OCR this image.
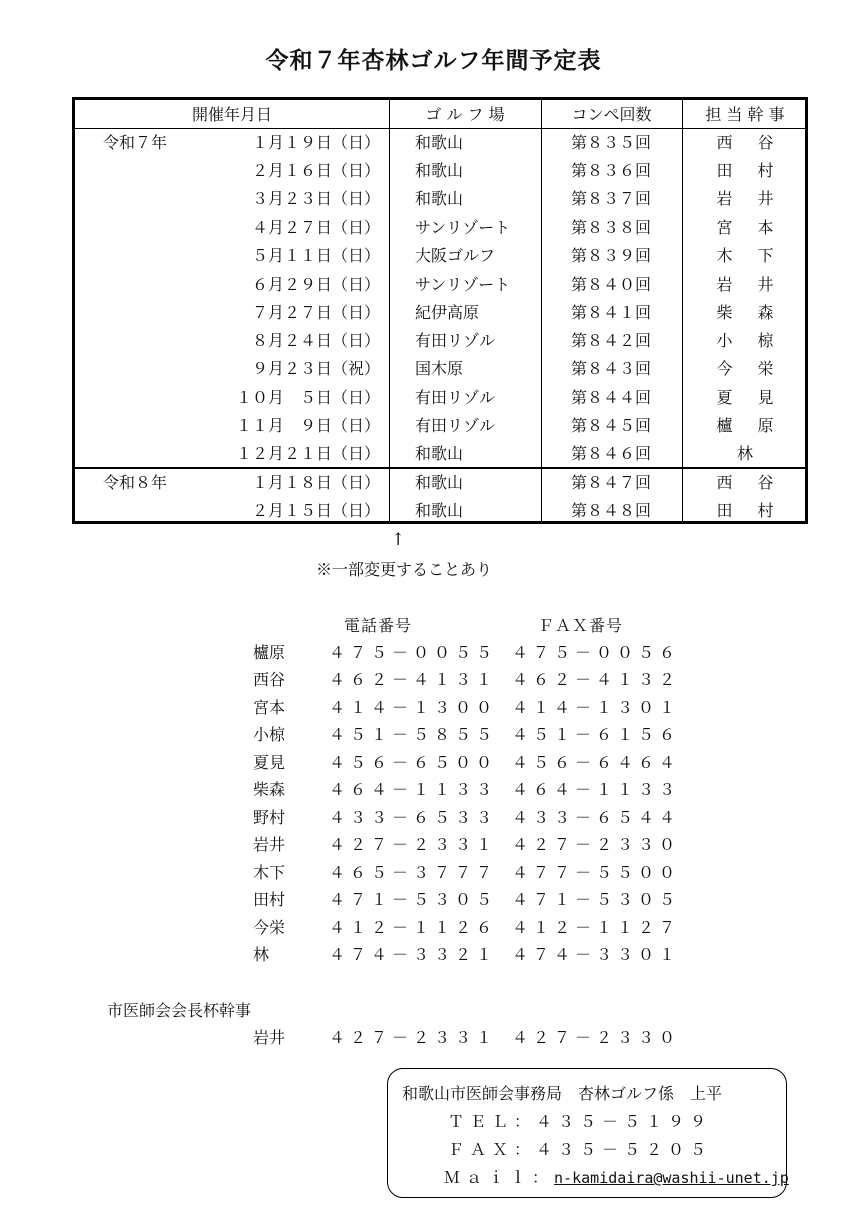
令和７年杏林ゴルフ年間予定表
開催年月日	ゴ ル フ 場	コンペ回数	担 当 幹 事
令和７年	１月１９日（日） 和歌山	第８３５回	西 谷
２月１６日（日） 和歌山	第８３６回	田 村
３月２３日（日） 和歌山	第８３７回	岩 井
４月２７日（日） サンリゾート	第８３８回	宮 本
５月１１日（日） 大阪ゴルフ	第８３９回	木 下
６月２９日（日） サンリゾート	第８４０回	岩 井
７月２７日（日） 紀伊高原	第８４１回	柴 森
８月２４日（日） 有田リゾル	第８４２回	小 椋
９月２３日（祝） 国木原	第８４３回	今 栄
１０月　５日（日） 有田リゾル	第８４４回	夏 見
１１月　９日（日） 有田リゾル	第８４５回	櫨 原
１２月２１日（日） 和歌山	第８４６回	林
令和８年	１月１８日（日） 和歌山	第８４７回	西 谷
２月１５日（日） 和歌山	第８４８回	田 村
↑
※一部変更することあり
電話番号	ＦＡＸ番号
櫨原	４７５－００５５ ４７５－００５６
西谷	４６２－４１３１ ４６２－４１３２
宮本	４１４－１３００ ４１４－１３０１
小椋	４５１－５８５５ ４５１－６１５６
夏見	４５６－６５００ ４５６－６４６４
柴森	４６４－１１３３ ４６４－１１３３
野村	４３３－６５３３ ４３３－６５４４
岩井	４２７－２３３１ ４２７－２３３０
木下	４６５－３７７７ ４７７－５５００
田村	４７１－５３０５ ４７１－５３０５
今栄	４１２－１１２６ ４１２－１１２７
林	４７４－３３２１ ４７４－３３０１
市医師会会長杯幹事
岩井	４２７－２３３１ ４２７－２３３０
和歌山市医師会事務局　杏林ゴルフ係　上平
ＴＥＬ：４３５－５１９９
ＦＡＸ：４３５－５２０５
Ｍａｉｌ：n-kamidaira@washii-unet.jp
